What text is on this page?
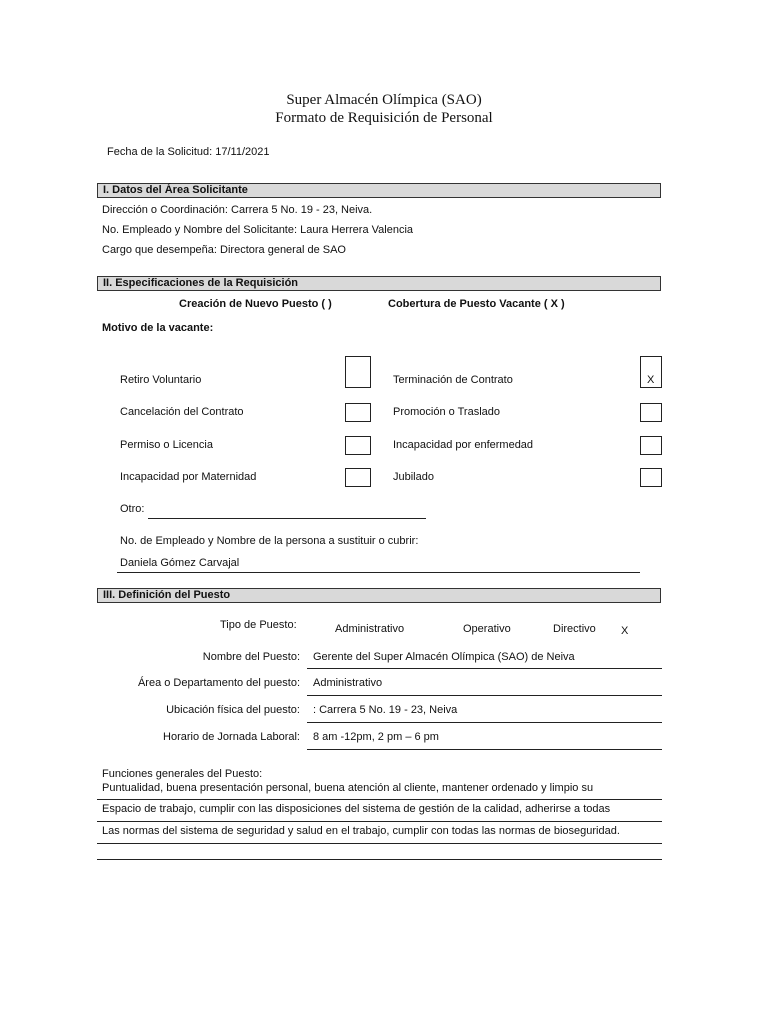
Super Almacén Olímpica (SAO)
Formato de Requisición de Personal
Fecha de la Solicitud: 17/11/2021
I. Datos del Área Solicitante
Dirección o Coordinación: Carrera 5 No. 19 - 23, Neiva.
No. Empleado y Nombre del Solicitante: Laura Herrera Valencia
Cargo que desempeña: Directora general de SAO
II. Especificaciones de la Requisición
Creación de Nuevo Puesto ( )	Cobertura de Puesto Vacante ( X )
Motivo de la vacante:
Retiro Voluntario	Terminación de Contrato	X
Cancelación del Contrato	Promoción o Traslado
Permiso o Licencia	Incapacidad por enfermedad
Incapacidad por Maternidad	Jubilado
Otro:
No. de Empleado y Nombre de la persona a sustituir o cubrir:
Daniela Gómez Carvajal
III. Definición del Puesto
Tipo de Puesto:	Administrativo	Operativo	Directivo X
Nombre del Puesto: Gerente del Super Almacén Olímpica (SAO) de Neiva
Área o Departamento del puesto: Administrativo
Ubicación física del puesto: : Carrera 5 No. 19 - 23, Neiva
Horario de Jornada Laboral: 8 am -12pm, 2 pm – 6 pm
Funciones generales del Puesto:
Puntualidad, buena presentación personal, buena atención al cliente, mantener ordenado y limpio su
Espacio de trabajo, cumplir con las disposiciones del sistema de gestión de la calidad, adherirse a todas
Las normas del sistema de seguridad y salud en el trabajo, cumplir con todas las normas de bioseguridad.
